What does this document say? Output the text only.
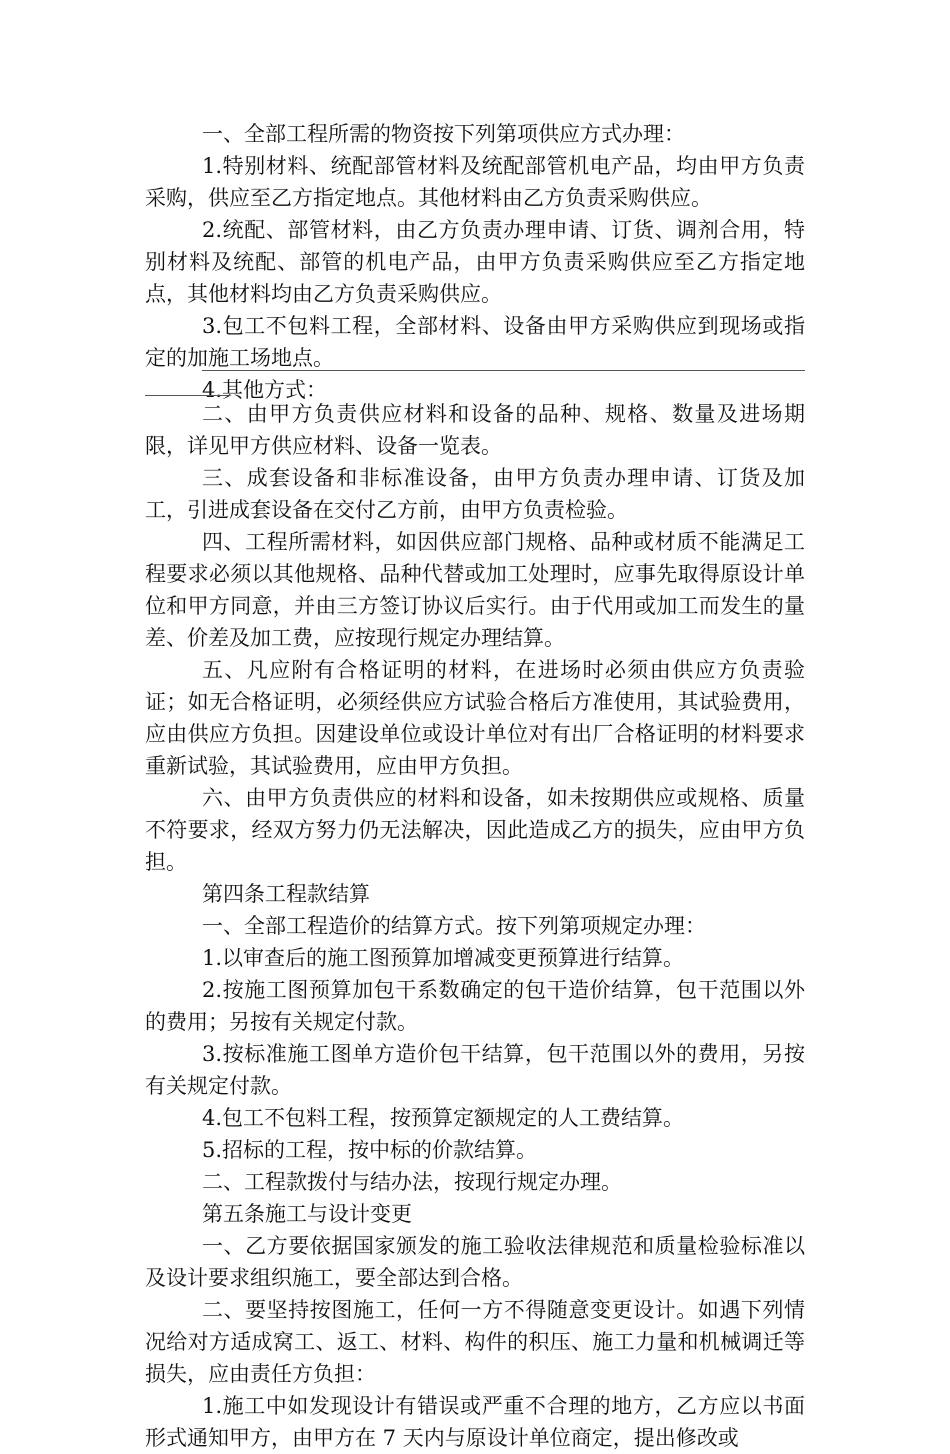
一、全部工程所需的物资按下列第项供应方式办理：

1.特别材料、统配部管材料及统配部管机电产品，均由甲方负责采购，供应至乙方指定地点。其他材料由乙方负责采购供应。

2.统配、部管材料，由乙方负责办理申请、订货、调剂合用，特别材料及统配、部管的机电产品，由甲方负责采购供应至乙方指定地点，其他材料均由乙方负责采购供应。

3.包工不包料工程，全部材料、设备由甲方采购供应到现场或指定的加施工场地点。

4.其他方式：

二、由甲方负责供应材料和设备的品种、规格、数量及进场期限，详见甲方供应材料、设备一览表。

三、成套设备和非标准设备，由甲方负责办理申请、订货及加工，引进成套设备在交付乙方前，由甲方负责检验。

四、工程所需材料，如因供应部门规格、品种或材质不能满足工程要求必须以其他规格、品种代替或加工处理时，应事先取得原设计单位和甲方同意，并由三方签订协议后实行。由于代用或加工而发生的量差、价差及加工费，应按现行规定办理结算。

五、凡应附有合格证明的材料，在进场时必须由供应方负责验证；如无合格证明，必须经供应方试验合格后方准使用，其试验费用，应由供应方负担。因建设单位或设计单位对有出厂合格证明的材料要求重新试验，其试验费用，应由甲方负担。

六、由甲方负责供应的材料和设备，如未按期供应或规格、质量不符要求，经双方努力仍无法解决，因此造成乙方的损失，应由甲方负担。

第四条工程款结算

一、全部工程造价的结算方式。按下列第项规定办理：

1.以审查后的施工图预算加增减变更预算进行结算。

2.按施工图预算加包干系数确定的包干造价结算，包干范围以外的费用；另按有关规定付款。

3.按标准施工图单方造价包干结算，包干范围以外的费用，另按有关规定付款。

4.包工不包料工程，按预算定额规定的人工费结算。

5.招标的工程，按中标的价款结算。

二、工程款拨付与结办法，按现行规定办理。

第五条施工与设计变更

一、乙方要依据国家颁发的施工验收法律规范和质量检验标准以及设计要求组织施工，要全部达到合格。

二、要坚持按图施工，任何一方不得随意变更设计。如遇下列情况给对方适成窝工、返工、材料、构件的积压、施工力量和机械调迁等损失，应由责任方负担：

1.施工中如发现设计有错误或严重不合理的地方，乙方应以书面形式通知甲方，由甲方在 7 天内与原设计单位商定，提出修改或
